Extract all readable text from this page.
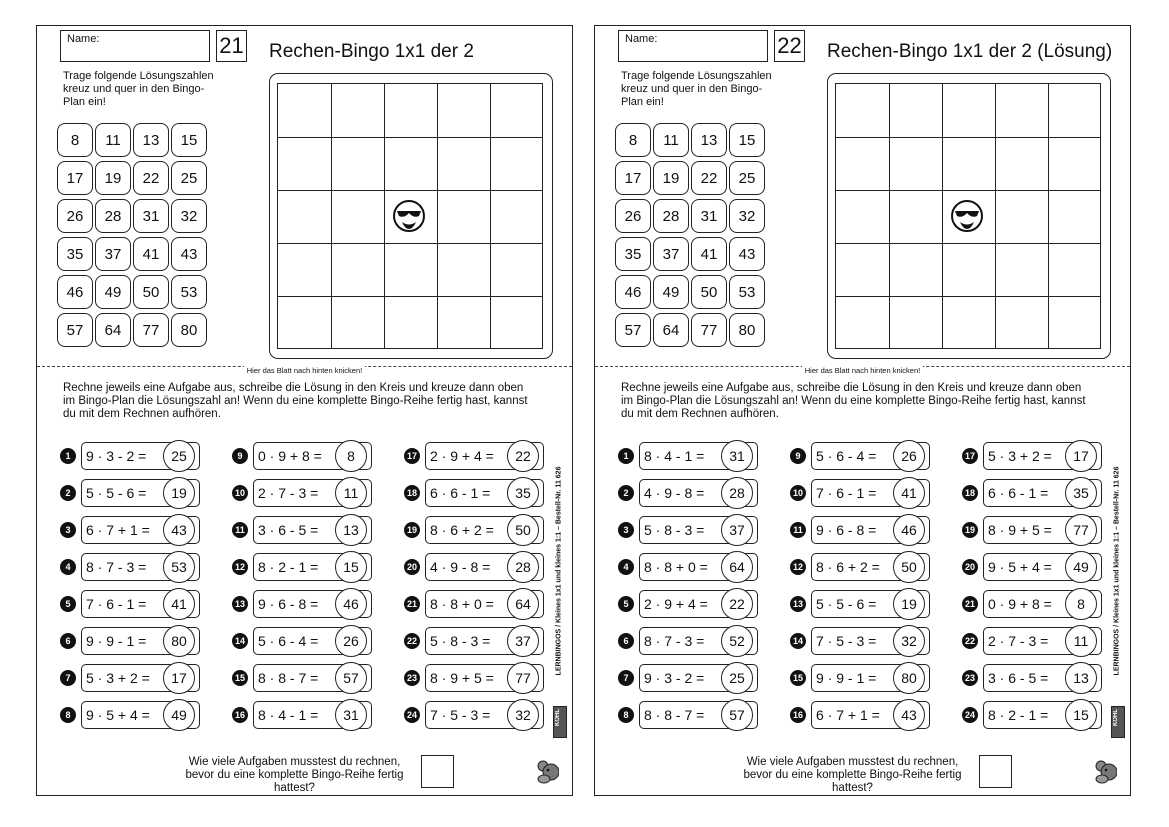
Name:	21 Rechen-Bingo 1x1 der 2
Trage folgende Lösungszahlen kreuz und quer in den Bingo-Plan ein!
8	11	13	15
17	19	22	25
26	28	31	32
35	37	41	43
46	49	50	53
57	64	77	80
Hier das Blatt nach hinten knicken!
Rechne jeweils eine Aufgabe aus, schreibe die Lösung in den Kreis und kreuze dann oben im Bingo-Plan die Lösungszahl an! Wenn du eine komplette Bingo-Reihe fertig hast, kannst du mit dem Rechnen aufhören.
1	9 · 3 - 2 =	25
2	5 · 5 - 6 =	19
3	6 · 7 + 1 =	43
4	8 · 7 - 3 =	53
5	7 · 6 - 1 =	41
6	9 · 9 - 1 =	80
7	5 · 3 + 2 =	17
8	9 · 5 + 4 =	49
9	0 · 9 + 8 =	8
10 2 · 7 - 3 =	11
11 3 · 6 - 5 =	13
12 8 · 2 - 1 =	15
13 9 · 6 - 8 =	46
14 5 · 6 - 4 =	26
15 8 · 8 - 7 =	57
16 8 · 4 - 1 =	31
17 2 · 9 + 4 =	22
18 6 · 6 - 1 =	35
19 8 · 6 + 2 =	50
20 4 · 9 - 8 =	28
21 8 · 8 + 0 =	64
22 5 · 8 - 3 =	37
23 8 · 9 + 5 =	77
24 7 · 5 - 3 =	32
LERNBINGOS / Kleines 1x1 und kleines 1:1 – Bestell-Nr. 11 626
KOHL
Wie viele Aufgaben musstest du rechnen, bevor du eine komplette Bingo-Reihe fertig hattest?
Name:	22 Rechen-Bingo 1x1 der 2 (Lösung)
Trage folgende Lösungszahlen kreuz und quer in den Bingo-Plan ein!
8	11	13	15
17	19	22	25
26	28	31	32
35	37	41	43
46	49	50	53
57	64	77	80
Hier das Blatt nach hinten knicken!
Rechne jeweils eine Aufgabe aus, schreibe die Lösung in den Kreis und kreuze dann oben im Bingo-Plan die Lösungszahl an! Wenn du eine komplette Bingo-Reihe fertig hast, kannst du mit dem Rechnen aufhören.
1	8 · 4 - 1 =	31
2	4 · 9 - 8 =	28
3	5 · 8 - 3 =	37
4	8 · 8 + 0 =	64
5	2 · 9 + 4 =	22
6	8 · 7 - 3 =	52
7	9 · 3 - 2 =	25
8	8 · 8 - 7 =	57
9	5 · 6 - 4 =	26
10 7 · 6 - 1 =	41
11 9 · 6 - 8 =	46
12 8 · 6 + 2 =	50
13 5 · 5 - 6 =	19
14 7 · 5 - 3 =	32
15 9 · 9 - 1 =	80
16 6 · 7 + 1 =	43
17 5 · 3 + 2 =	17
18 6 · 6 - 1 =	35
19 8 · 9 + 5 =	77
20 9 · 5 + 4 =	49
21 0 · 9 + 8 =	8
22 2 · 7 - 3 =	11
23 3 · 6 - 5 =	13
24 8 · 2 - 1 =	15
LERNBINGOS / Kleines 1x1 und kleines 1:1 – Bestell-Nr. 11 626
KOHL
Wie viele Aufgaben musstest du rechnen, bevor du eine komplette Bingo-Reihe fertig hattest?
